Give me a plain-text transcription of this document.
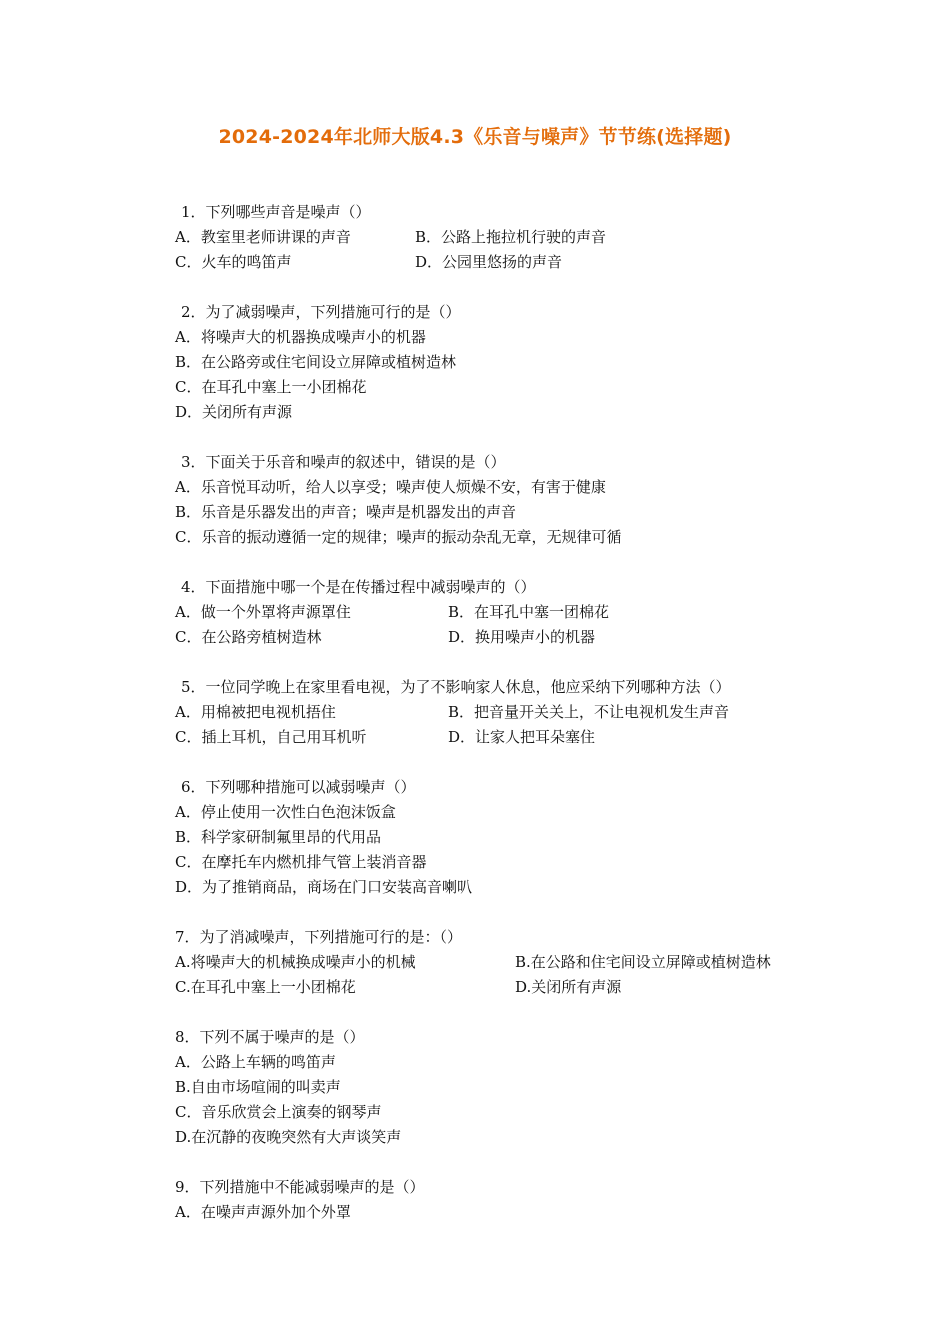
2024-2024年北师大版4.3《乐音与噪声》节节练(选择题)
1．下列哪些声音是噪声（）
A．教室里老师讲课的声音	B．公路上拖拉机行驶的声音
C．火车的鸣笛声	D．公园里悠扬的声音
2．为了减弱噪声，下列措施可行的是（）
A．将噪声大的机器换成噪声小的机器
B．在公路旁或住宅间设立屏障或植树造林
C．在耳孔中塞上一小团棉花
D．关闭所有声源
3．下面关于乐音和噪声的叙述中，错误的是（）
A．乐音悦耳动听，给人以享受；噪声使人烦燥不安，有害于健康
B．乐音是乐器发出的声音；噪声是机器发出的声音
C．乐音的振动遵循一定的规律；噪声的振动杂乱无章，无规律可循
4．下面措施中哪一个是在传播过程中减弱噪声的（）
A．做一个外罩将声源罩住	B．在耳孔中塞一团棉花
C．在公路旁植树造林	D．换用噪声小的机器
5．一位同学晚上在家里看电视，为了不影响家人休息，他应采纳下列哪种方法（）
A．用棉被把电视机捂住	B．把音量开关关上，不让电视机发生声音
C．插上耳机，自己用耳机听	D．让家人把耳朵塞住
6．下列哪种措施可以减弱噪声（）
A．停止使用一次性白色泡沫饭盒
B．科学家研制氟里昂的代用品
C．在摩托车内燃机排气管上装消音器
D．为了推销商品，商场在门口安装高音喇叭
7．为了消减噪声，下列措施可行的是：（）
A.将噪声大的机械换成噪声小的机械	B.在公路和住宅间设立屏障或植树造林
C.在耳孔中塞上一小团棉花	D.关闭所有声源
8．下列不属于噪声的是（）
A．公路上车辆的鸣笛声
B.自由市场喧闹的叫卖声
C．音乐欣赏会上演奏的钢琴声
D.在沉静的夜晚突然有大声谈笑声
9．下列措施中不能减弱噪声的是（）
A．在噪声声源外加个外罩
